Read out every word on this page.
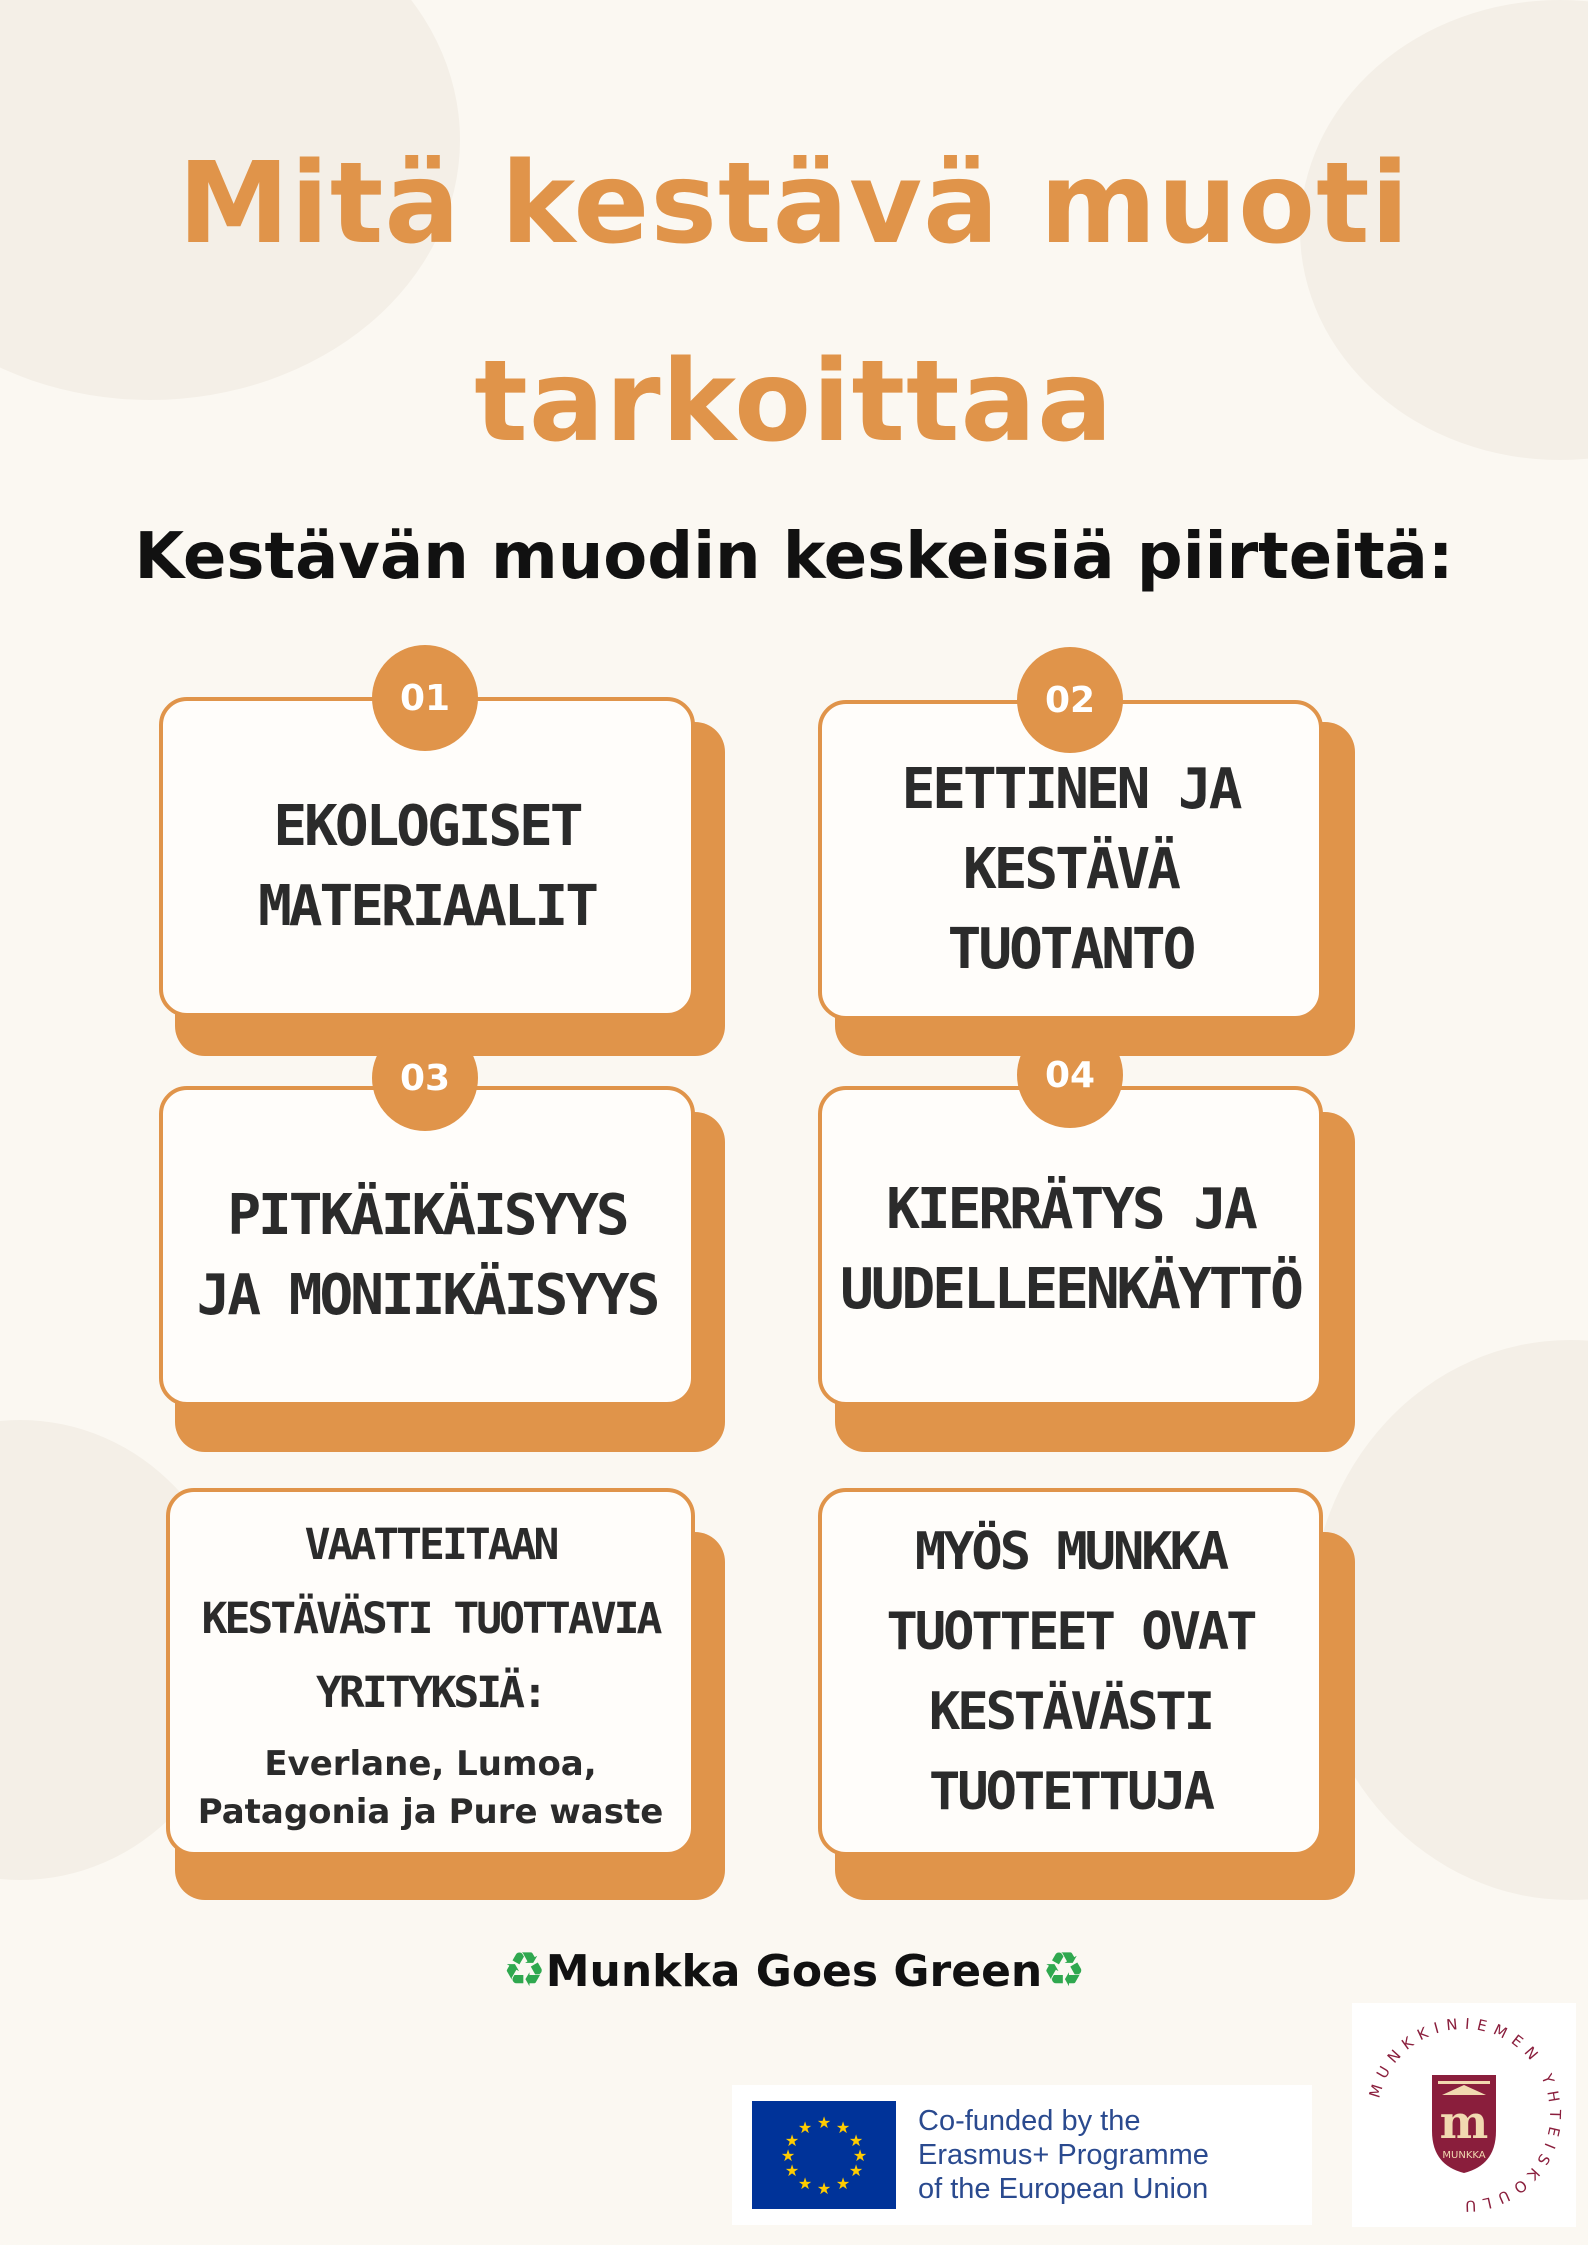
Mitä kestävä muoti
tarkoittaa
Kestävän muodin keskeisiä piirteitä:
EKOLOGISET MATERIAALIT
01
EETTINEN JA KESTÄVÄ TUOTANTO
02
PITKÄIKÄISYYS JA MONIIKÄISYYS
03
KIERRÄTYS JA UUDELLEENKÄYTTÖ
04
VAATTEITAAN KESTÄVÄSTI TUOTTAVIA YRITYKSIÄ:
Everlane, Lumoa, Patagonia ja Pure waste
MYÖS MUNKKA TUOTTEET OVAT KESTÄVÄSTI TUOTETTUJA
♻Munkka Goes Green♻
★ ★
★
★
★
★
★
★
★
★
★
★	Co-funded by the
Erasmus+ Programme
of the European Union
MUNKKINIEMEN YHTEISKOULU
m
MUNKKA
